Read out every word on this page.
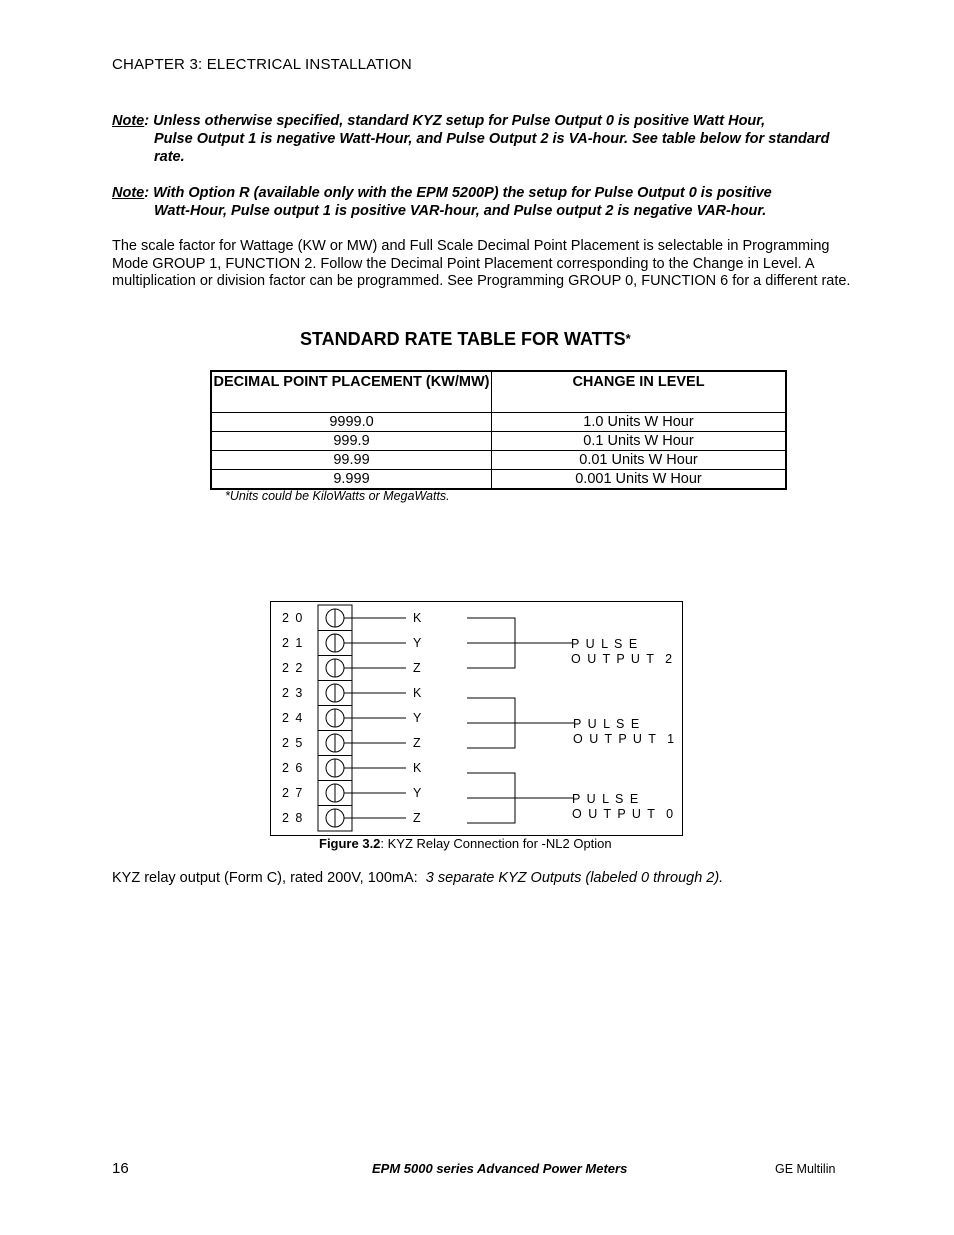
CHAPTER 3: ELECTRICAL INSTALLATION
Note: Unless otherwise specified, standard KYZ setup for Pulse Output 0 is positive Watt Hour,
Pulse Output 1 is negative Watt-Hour, and Pulse Output 2 is VA-hour. See table below for standard rate.
Note: With Option R (available only with the EPM 5200P) the setup for Pulse Output 0 is positive
Watt-Hour, Pulse output 1 is positive VAR-hour, and Pulse output 2 is negative VAR-hour.
The scale factor for Wattage (KW or MW) and Full Scale Decimal Point Placement is selectable in Programming Mode GROUP 1, FUNCTION 2. Follow the Decimal Point Placement corresponding to the Change in Level. A multiplication or division factor can be programmed. See Programming GROUP 0, FUNCTION 6 for a different rate.
STANDARD RATE TABLE FOR WATTS*
DECIMAL POINT PLACEMENT (KW/MW)	CHANGE IN LEVEL
9999.0	1.0 Units W Hour
999.9	0.1 Units W Hour
99.99	0.01 Units W Hour
9.999	0.001 Units W Hour
*Units could be KiloWatts or MegaWatts.
2 0
2 1
2 2
2 3
2 4
2 5
2 6
2 7
2 8
K
Y
Z
K
Y
Z
K
Y
Z
P U L S E
O U T P U T  2
P U L S E
O U T P U T  1
P U L S E
O U T P U T  0
Figure 3.2: KYZ Relay Connection for -NL2 Option
KYZ relay output (Form C), rated 200V, 100mA:  3 separate KYZ Outputs (labeled 0 through 2).
16	EPM 5000 series Advanced Power Meters	GE Multilin
